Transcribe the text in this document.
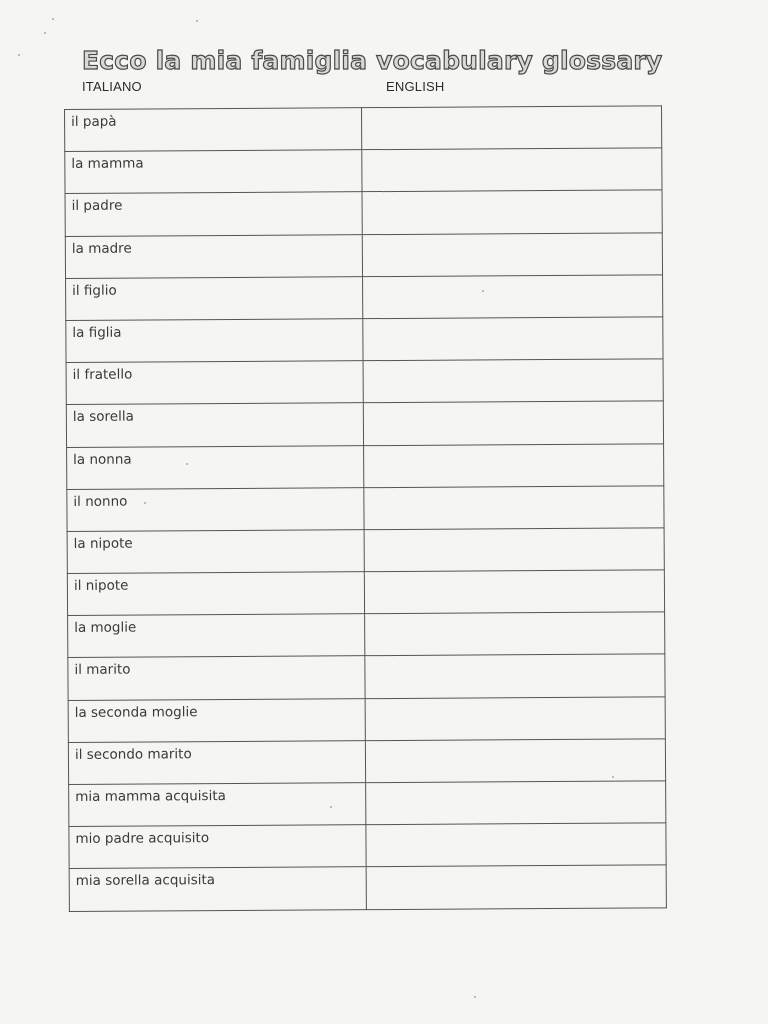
Ecco la mia famiglia vocabulary glossary
ITALIANO	ENGLISH
il papà	
la mamma	
il padre	
la madre	
il figlio	
la figlia	
il fratello	
la sorella	
la nonna	
il nonno	
la nipote	
il nipote	
la moglie	
il marito	
la seconda moglie	
il secondo marito	
mia mamma acquisita	
mio padre acquisito	
mia sorella acquisita	
